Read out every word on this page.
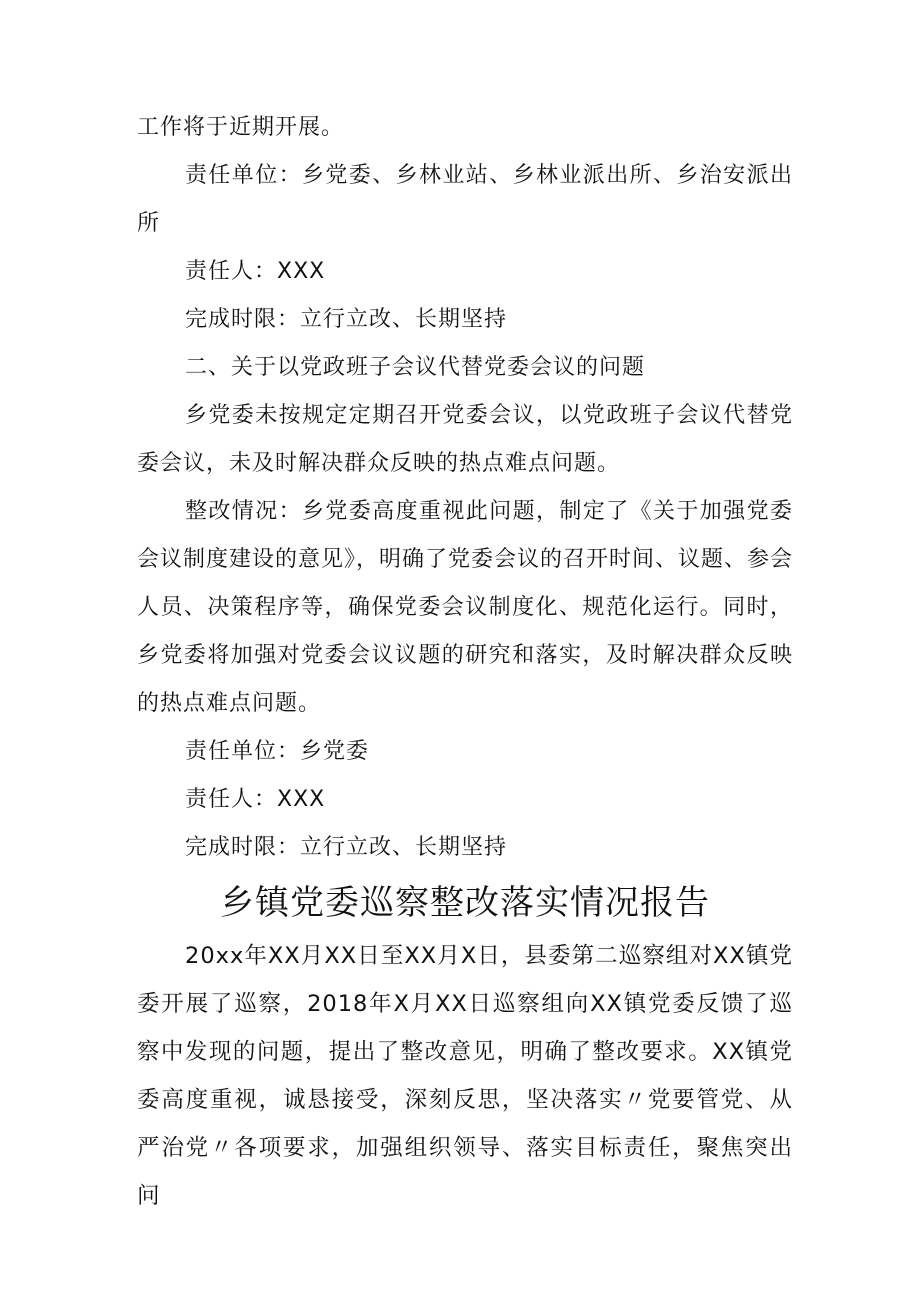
工作将于近期开展。

责任单位：乡党委、乡林业站、乡林业派出所、乡治安派出所

责任人：XXX

完成时限：立行立改、长期坚持

二、关于以党政班子会议代替党委会议的问题

乡党委未按规定定期召开党委会议，以党政班子会议代替党委会议，未及时解决群众反映的热点难点问题。

整改情况：乡党委高度重视此问题，制定了《关于加强党委会议制度建设的意见》，明确了党委会议的召开时间、议题、参会人员、决策程序等，确保党委会议制度化、规范化运行。同时，乡党委将加强对党委会议议题的研究和落实，及时解决群众反映的热点难点问题。

责任单位：乡党委

责任人：XXX

完成时限：立行立改、长期坚持

乡镇党委巡察整改落实情况报告

20xx年XX月XX日至XX月X日，县委第二巡察组对XX镇党委开展了巡察，2018年X月XX日巡察组向XX镇党委反馈了巡察中发现的问题，提出了整改意见，明确了整改要求。XX镇党委高度重视，诚恳接受，深刻反思，坚决落实〃党要管党、从严治党〃各项要求，加强组织领导、落实目标责任，聚焦突出问
